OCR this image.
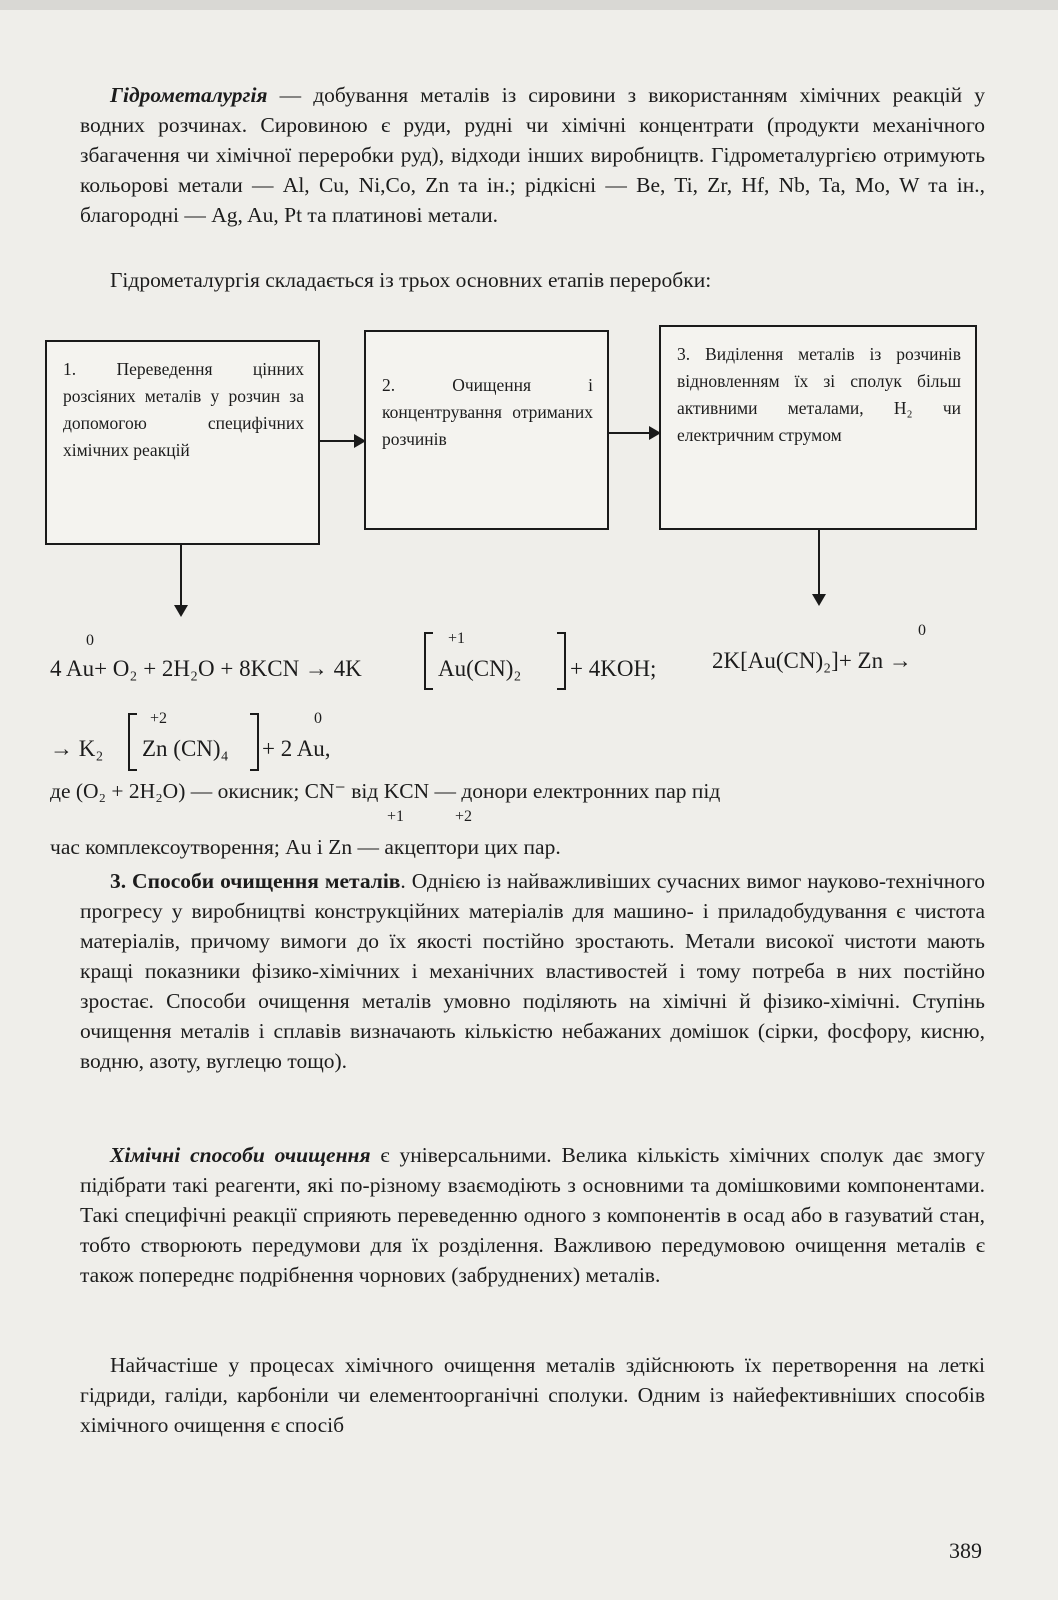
Гідрометалургія — добування металів із сировини з використанням хімічних реакцій у водних розчинах. Сировиною є руди, рудні чи хімічні концентрати (продукти механічного збагачення чи хімічної переробки руд), відходи інших виробництв. Гідрометалургією отримують кольорові метали — Al, Cu, Ni,Co, Zn та ін.; рідкісні — Be, Ti, Zr, Hf, Nb, Ta, Mo, W та ін., благородні — Ag, Au, Pt та платинові метали.

Гідрометалургія складається із трьох основних етапів переробки:

1. Переведення цінних розсіяних металів у розчин за допомогою специфічних хімічних реакцій
2. Очищення і концентрування отриманих розчинів
3. Виділення металів із розчинів відновленням їх зі сполук більш активними металами, H₂ чи електричним струмом
0
4 Au+ O₂ + 2H₂O + 8KCN → 4K
+1
Au(CN)₂ + 4KOH;
0
2K[Au(CN)₂]+ Zn →
→ K₂
+2
Zn (CN)₄
0
+ 2 Au,
де (O₂ + 2H₂O) — окисник; CN⁻ від KCN — донори електронних пар під
+1	+2
час комплексоутворення; Au і Zn — акцептори цих пар.

3. Способи очищення металів. Однією із найважливіших сучасних вимог науково-технічного прогресу у виробництві конструкційних матеріалів для машино- і приладобудування є чистота матеріалів, причому вимоги до їх якості постійно зростають. Метали високої чистоти мають кращі показники фізико-хімічних і механічних властивостей і тому потреба в них постійно зростає. Способи очищення металів умовно поділяють на хімічні й фізико-хімічні. Ступінь очищення металів і сплавів визначають кількістю небажаних домішок (сірки, фосфору, кисню, водню, азоту, вуглецю тощо).

Хімічні способи очищення є універсальними. Велика кількість хімічних сполук дає змогу підібрати такі реагенти, які по-різному взаємодіють з основними та домішковими компонентами. Такі специфічні реакції сприяють переведенню одного з компонентів в осад або в газуватий стан, тобто створюють передумови для їх розділення. Важливою передумовою очищення металів є також попереднє подрібнення чорнових (забруднених) металів.

Найчастіше у процесах хімічного очищення металів здійснюють їх перетворення на леткі гідриди, галіди, карбоніли чи елементоорганічні сполуки. Одним із найефективніших способів хімічного очищення є спосіб

389
